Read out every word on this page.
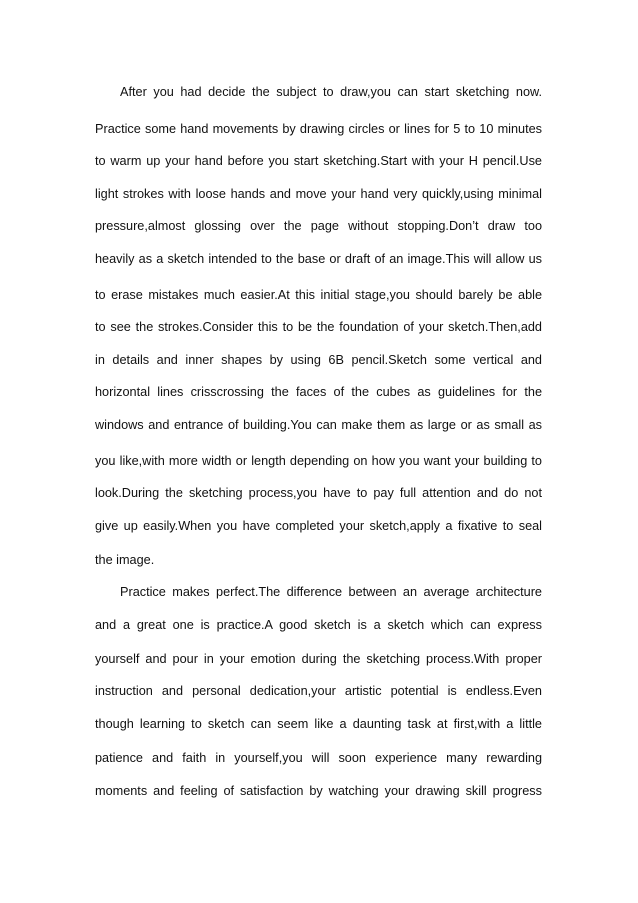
After you had decide the subject to draw,you can start sketching now.
Practice some hand movements by drawing circles or lines for 5 to 10 minutes
to warm up your hand before you start sketching.Start with your H pencil.Use
light strokes with loose hands and move your hand very quickly,using minimal
pressure,almost glossing over the page without stopping.Don’t draw too
heavily as a sketch intended to the base or draft of an image.This will allow us
to erase mistakes much easier.At this initial stage,you should barely be able
to see the strokes.Consider this to be the foundation of your sketch.Then,add
in details and inner shapes by using 6B pencil.Sketch some vertical and
horizontal lines crisscrossing the faces of the cubes as guidelines for the
windows and entrance of building.You can make them as large or as small as
you like,with more width or length depending on how you want your building to
look.During the sketching process,you have to pay full attention and do not
give up easily.When you have completed your sketch,apply a fixative to seal
the image.
Practice makes perfect.The difference between an average architecture
and a great one is practice.A good sketch is a sketch which can express
yourself and pour in your emotion during the sketching process.With proper
instruction and personal dedication,your artistic potential is endless.Even
though learning to sketch can seem like a daunting task at first,with a little
patience and faith in yourself,you will soon experience many rewarding
moments and feeling of satisfaction by watching your drawing skill progress
